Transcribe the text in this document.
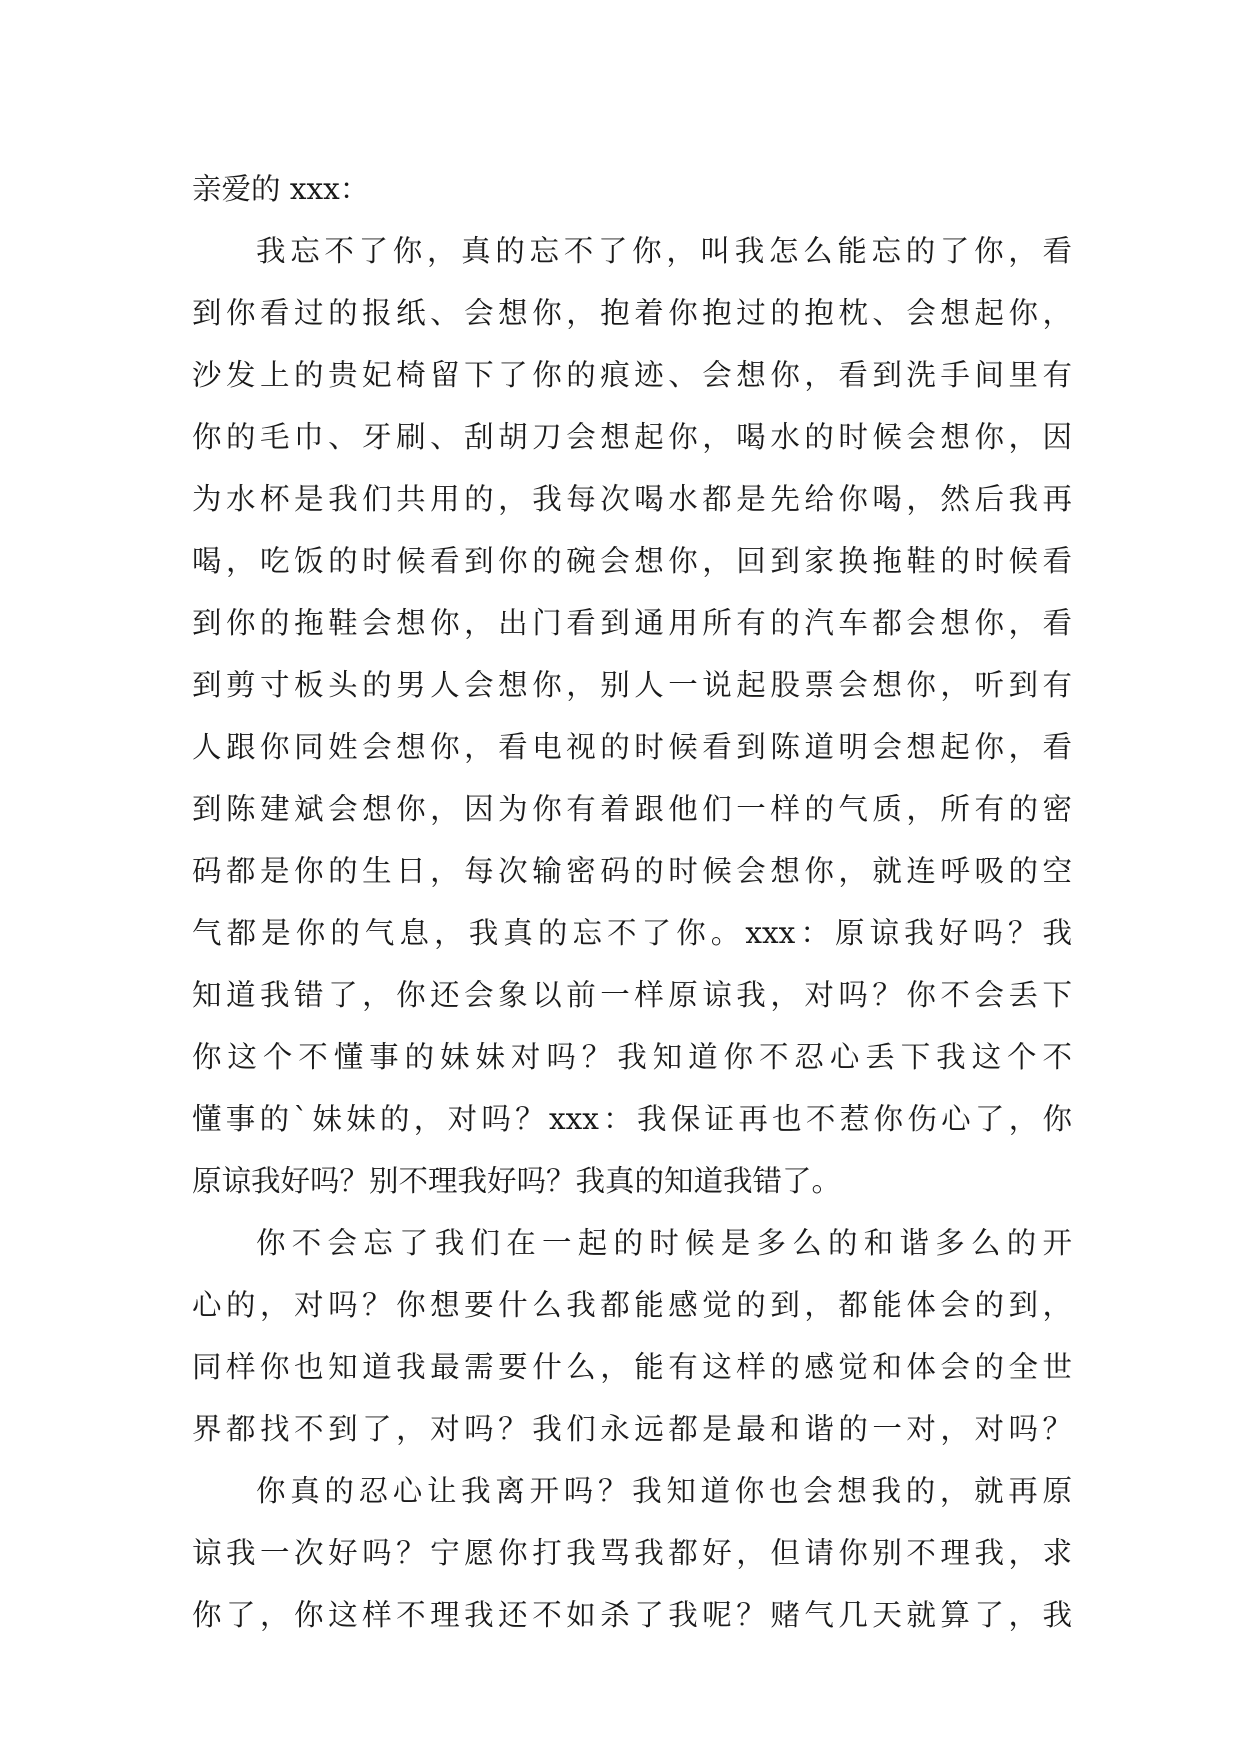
亲爱的 xxx：
我忘不了你，真的忘不了你，叫我怎么能忘的了你，看
到你看过的报纸、会想你，抱着你抱过的抱枕、会想起你，
沙发上的贵妃椅留下了你的痕迹、会想你，看到洗手间里有
你的毛巾、牙刷、刮胡刀会想起你，喝水的时候会想你，因
为水杯是我们共用的，我每次喝水都是先给你喝，然后我再
喝，吃饭的时候看到你的碗会想你，回到家换拖鞋的时候看
到你的拖鞋会想你，出门看到通用所有的汽车都会想你，看
到剪寸板头的男人会想你，别人一说起股票会想你，听到有
人跟你同姓会想你，看电视的时候看到陈道明会想起你，看
到陈建斌会想你，因为你有着跟他们一样的气质，所有的密
码都是你的生日，每次输密码的时候会想你，就连呼吸的空
气都是你的气息，我真的忘不了你。xxx：原谅我好吗？我
知道我错了，你还会象以前一样原谅我，对吗？你不会丢下
你这个不懂事的妹妹对吗？我知道你不忍心丢下我这个不
懂事的`妹妹的，对吗？xxx：我保证再也不惹你伤心了，你
原谅我好吗？别不理我好吗？我真的知道我错了。
你不会忘了我们在一起的时候是多么的和谐多么的开
心的，对吗？你想要什么我都能感觉的到，都能体会的到，
同样你也知道我最需要什么，能有这样的感觉和体会的全世
界都找不到了，对吗？我们永远都是最和谐的一对，对吗？
你真的忍心让我离开吗？我知道你也会想我的，就再原
谅我一次好吗？宁愿你打我骂我都好，但请你别不理我，求
你了，你这样不理我还不如杀了我呢？赌气几天就算了，我
